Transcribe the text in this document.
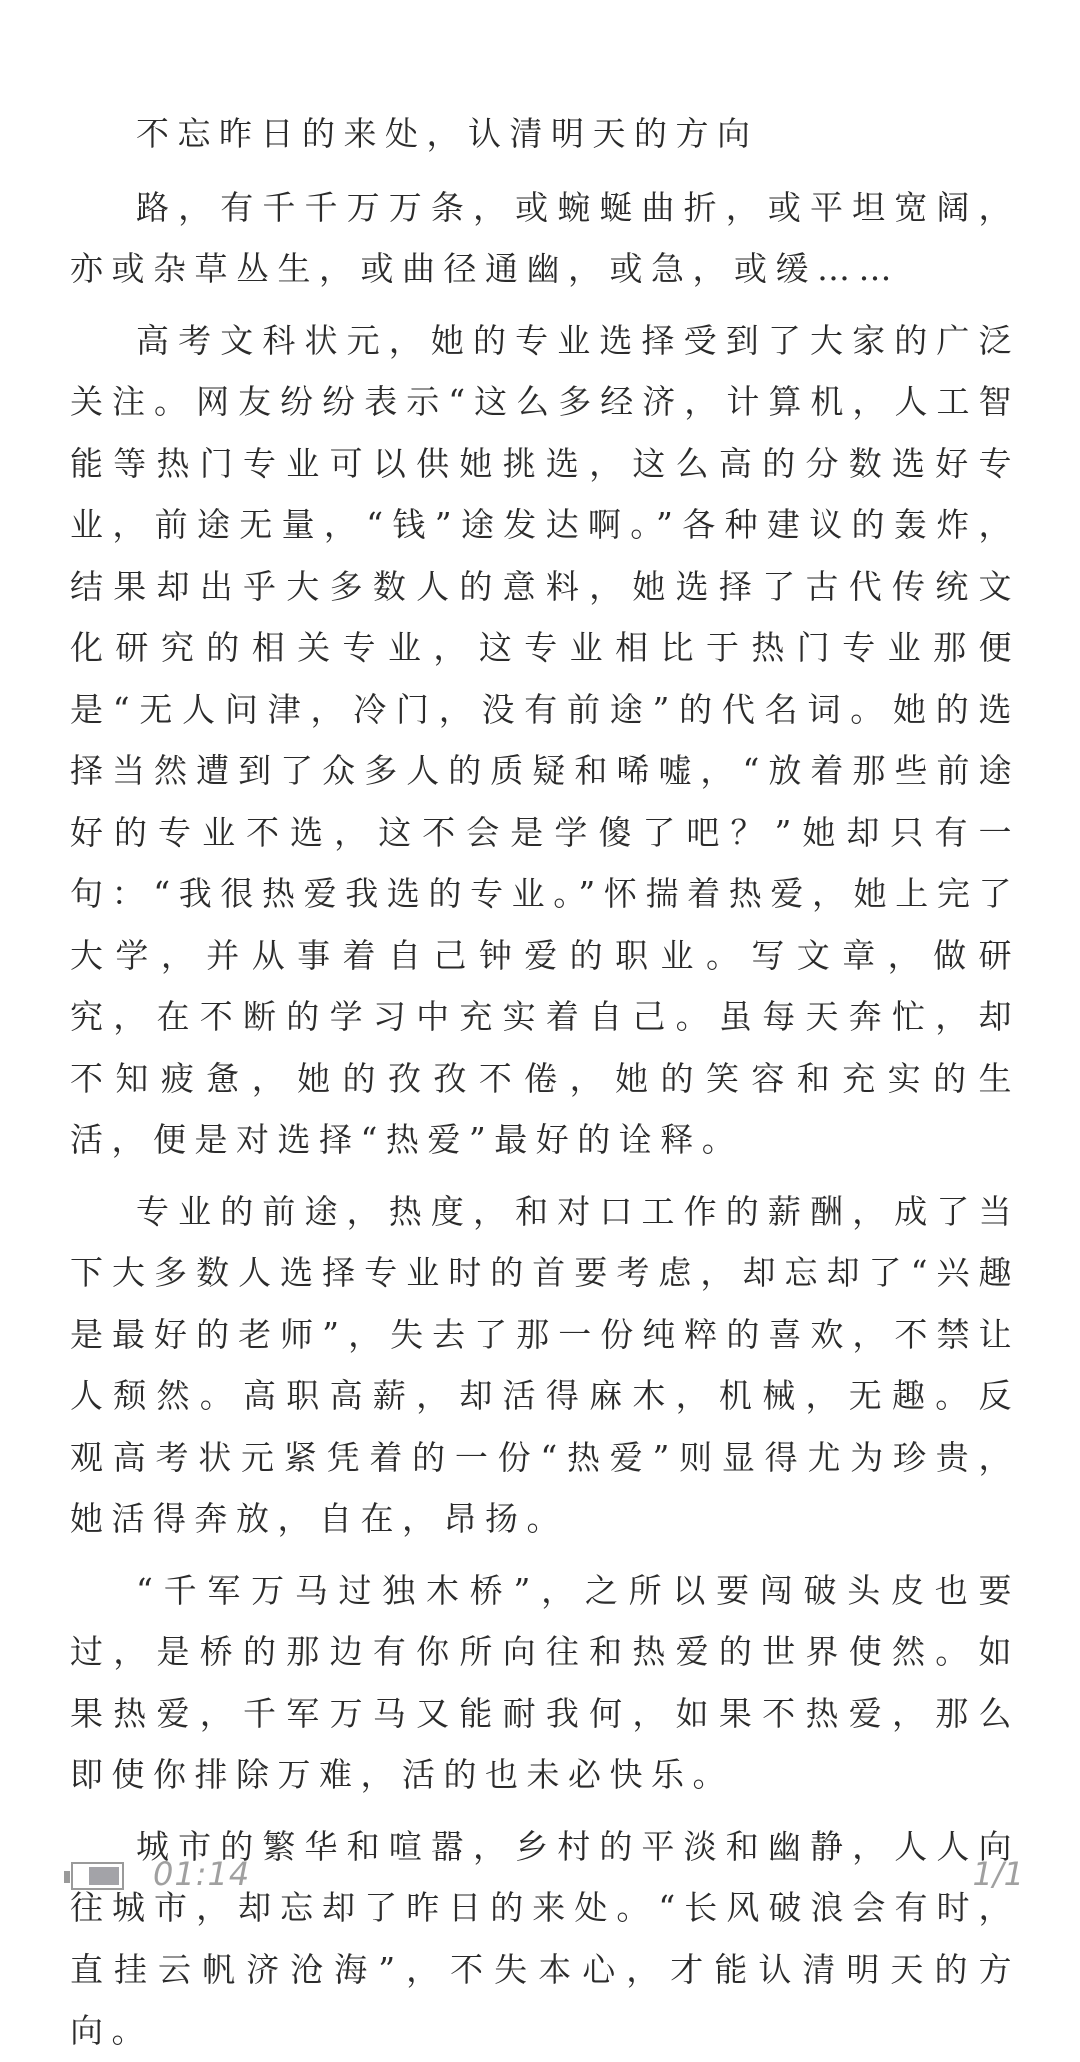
不忘昨日的来处，认清明天的方向

路，有千千万万条，或蜿蜒曲折，或平坦宽阔，亦或杂草丛生，或曲径通幽，或急，或缓……

高考文科状元，她的专业选择受到了大家的广泛关注。网友纷纷表示“这么多经济，计算机，人工智能等热门专业可以供她挑选，这么高的分数选好专业，前途无量，“钱”途发达啊。”各种建议的轰炸，结果却出乎大多数人的意料，她选择了古代传统文化研究的相关专业，这专业相比于热门专业那便是“无人问津，冷门，没有前途”的代名词。她的选择当然遭到了众多人的质疑和唏嘘，“放着那些前途好的专业不选，这不会是学傻了吧？”她却只有一句：“我很热爱我选的专业。”怀揣着热爱，她上完了大学，并从事着自己钟爱的职业。写文章，做研究，在不断的学习中充实着自己。虽每天奔忙，却不知疲惫，她的孜孜不倦，她的笑容和充实的生活，便是对选择“热爱”最好的诠释。

专业的前途，热度，和对口工作的薪酬，成了当下大多数人选择专业时的首要考虑，却忘却了“兴趣是最好的老师”，失去了那一份纯粹的喜欢，不禁让人颓然。高职高薪，却活得麻木，机械，无趣。反观高考状元紧凭着的一份“热爱”则显得尤为珍贵，她活得奔放，自在，昂扬。

“千军万马过独木桥”，之所以要闯破头皮也要过，是桥的那边有你所向往和热爱的世界使然。如果热爱，千军万马又能耐我何，如果不热爱，那么即使你排除万难，活的也未必快乐。

城市的繁华和喧嚣，乡村的平淡和幽静，人人向往城市，却忘却了昨日的来处。“长风破浪会有时，直挂云帆济沧海”，不失本心，才能认清明天的方向。

01:14	1/1
